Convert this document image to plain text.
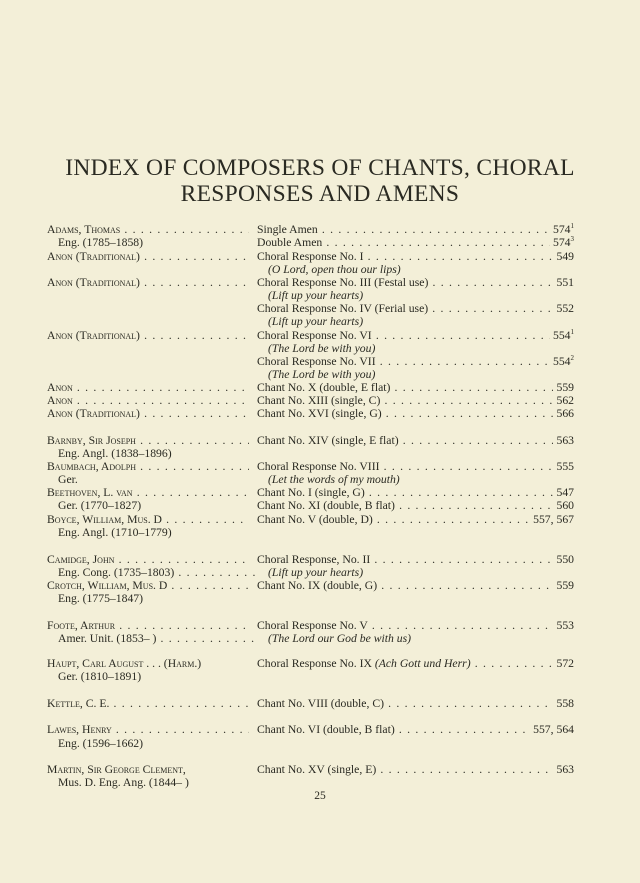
INDEX OF COMPOSERS OF CHANTS, CHORAL
RESPONSES AND AMENS
Adams, Thomas . . .	Single Amen . . .	$574^1$
Eng. (1785–1858)	Double Amen . . .	$574^3$
Anon (Traditional) . . .	Choral Response No. I . . .	549
(O Lord, open thou our lips)
Anon (Traditional) . . .	Choral Response No. III (Festal use) . . .	551
(Lift up your hearts)
Choral Response No. IV (Ferial use) . . .	552
(Lift up your hearts)
Anon (Traditional) . . .	Choral Response No. VI . . .	$554^1$
(The Lord be with you)
Choral Response No. VII . . .	$554^2$
(The Lord be with you)
Anon . . .	Chant No. X (double, E flat) . . .	559
Anon . . .	Chant No. XIII (single, C) . . .	562
Anon (Traditional) . . .	Chant No. XVI (single, G) . . .	566
Barnby, Sir Joseph . . .	Chant No. XIV (single, E flat) . . .	563
Eng. Angl. (1838–1896)
Baumbach, Adolph . . .	Choral Response No. VIII . . .	555
Ger.	(Let the words of my mouth)
Beethoven, L. van . . .	Chant No. I (single, G) . . .	547
Ger. (1770–1827)	Chant No. XI (double, B flat) . . .	560
Boyce, William, Mus. D . . .	Chant No. V (double, D) . . .	557, 567
Eng. Angl. (1710–1779)
Camidge, John . . .	Choral Response, No. II . . .	550
Eng. Cong. (1735–1803) . . .	(Lift up your hearts)
Crotch, William, Mus. D . . .	Chant No. IX (double, G) . . .	559
Eng. (1775–1847)
Foote, Arthur . . .	Choral Response No. V . . .	553
Amer. Unit. (1853– ) . . .	(The Lord our God be with us)
Haupt, Carl August . . . (Harm.)	Choral Response No. IX (Ach Gott und Herr) . . .	572
Ger. (1810–1891)
Kettle, C. E. . . .	Chant No. VIII (double, C) . . .	558
Lawes, Henry . . .	Chant No. VI (double, B flat) . . .	557, 564
Eng. (1596–1662)
Martin, Sir George Clement,	Chant No. XV (single, E) . . .	563
Mus. D. Eng. Ang. (1844– )
25
